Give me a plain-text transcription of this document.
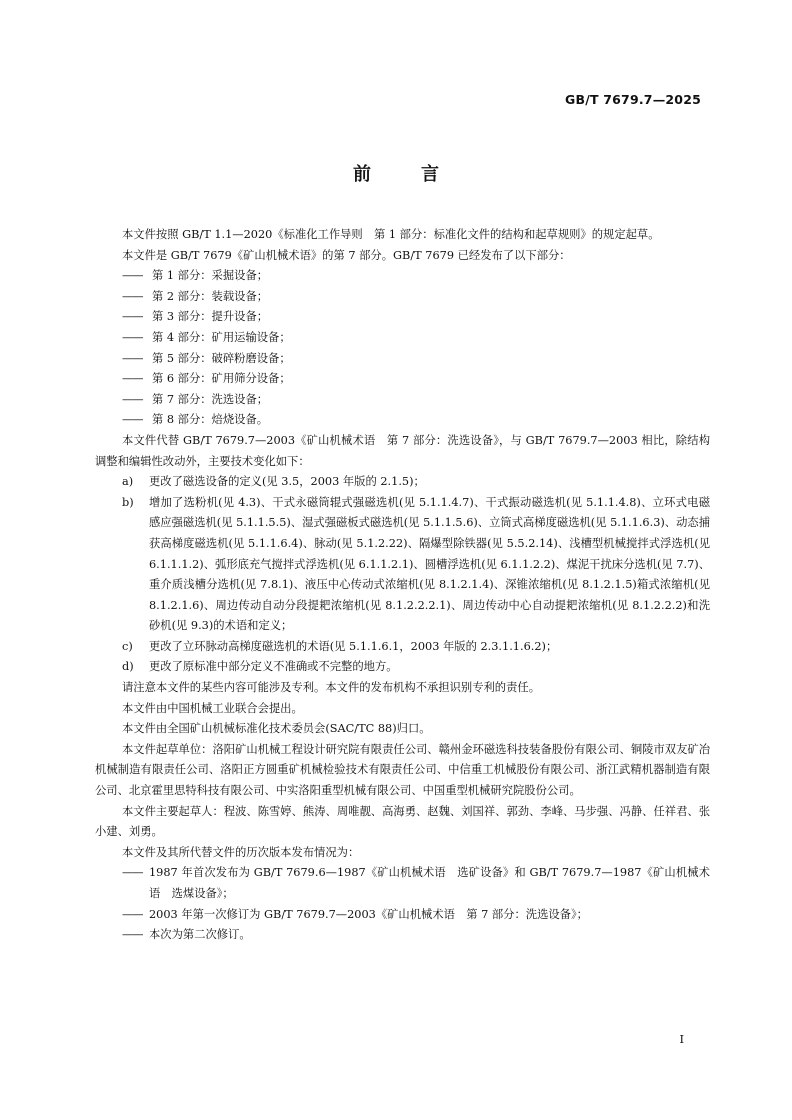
GB/T 7679.7—2025
前	言

本文件按照 GB/T 1.1—2020《标准化工作导则　第 1 部分：标准化文件的结构和起草规则》的规定起草。

本文件是 GB/T 7679《矿山机械术语》的第 7 部分。GB/T 7679 已经发布了以下部分：

—— 第 1 部分：采掘设备；

—— 第 2 部分：装载设备；

—— 第 3 部分：提升设备；

—— 第 4 部分：矿用运输设备；

—— 第 5 部分：破碎粉磨设备；

—— 第 6 部分：矿用筛分设备；

—— 第 7 部分：洗选设备；

—— 第 8 部分：焙烧设备。

本文件代替 GB/T 7679.7—2003《矿山机械术语　第 7 部分：洗选设备》，与 GB/T 7679.7—2003 相比，除结构调整和编辑性改动外，主要技术变化如下：

a) 更改了磁选设备的定义(见 3.5，2003 年版的 2.1.5)；

b) 增加了选粉机(见 4.3)、干式永磁筒辊式强磁选机(见 5.1.1.4.7)、干式振动磁选机(见 5.1.1.4.8)、立环式电磁感应强磁选机(见 5.1.1.5.5)、湿式强磁板式磁选机(见 5.1.1.5.6)、立筒式高梯度磁选机(见 5.1.1.6.3)、动态捕获高梯度磁选机(见 5.1.1.6.4)、脉动(见 5.1.2.22)、隔爆型除铁器(见 5.5.2.14)、浅槽型机械搅拌式浮选机(见 6.1.1.1.2)、弧形底充气搅拌式浮选机(见 6.1.1.2.1)、圆槽浮选机(见 6.1.1.2.2)、煤泥干扰床分选机(见 7.7)、重介质浅槽分选机(见 7.8.1)、液压中心传动式浓缩机(见 8.1.2.1.4)、深锥浓缩机(见 8.1.2.1.5)箱式浓缩机(见 8.1.2.1.6)、周边传动自动分段提耙浓缩机(见 8.1.2.2.2.1)、周边传动中心自动提耙浓缩机(见 8.1.2.2.2)和洗砂机(见 9.3)的术语和定义；

c) 更改了立环脉动高梯度磁选机的术语(见 5.1.1.6.1，2003 年版的 2.3.1.1.6.2)；

d) 更改了原标准中部分定义不准确或不完整的地方。

请注意本文件的某些内容可能涉及专利。本文件的发布机构不承担识别专利的责任。

本文件由中国机械工业联合会提出。

本文件由全国矿山机械标准化技术委员会(SAC/TC 88)归口。

本文件起草单位：洛阳矿山机械工程设计研究院有限责任公司、赣州金环磁选科技装备股份有限公司、铜陵市双友矿冶机械制造有限责任公司、洛阳正方圆重矿机械检验技术有限责任公司、中信重工机械股份有限公司、浙江武精机器制造有限公司、北京霍里思特科技有限公司、中实洛阳重型机械有限公司、中国重型机械研究院股份公司。

本文件主要起草人：程波、陈雪婷、熊涛、周唯靓、高海勇、赵魏、刘国祥、郭劲、李峰、马步强、冯静、任祥君、张小建、刘勇。

本文件及其所代替文件的历次版本发布情况为：

—— 1987 年首次发布为 GB/T 7679.6—1987《矿山机械术语　选矿设备》和 GB/T 7679.7—1987《矿山机械术语　选煤设备》；

—— 2003 年第一次修订为 GB/T 7679.7—2003《矿山机械术语　第 7 部分：洗选设备》；

—— 本次为第二次修订。

I
